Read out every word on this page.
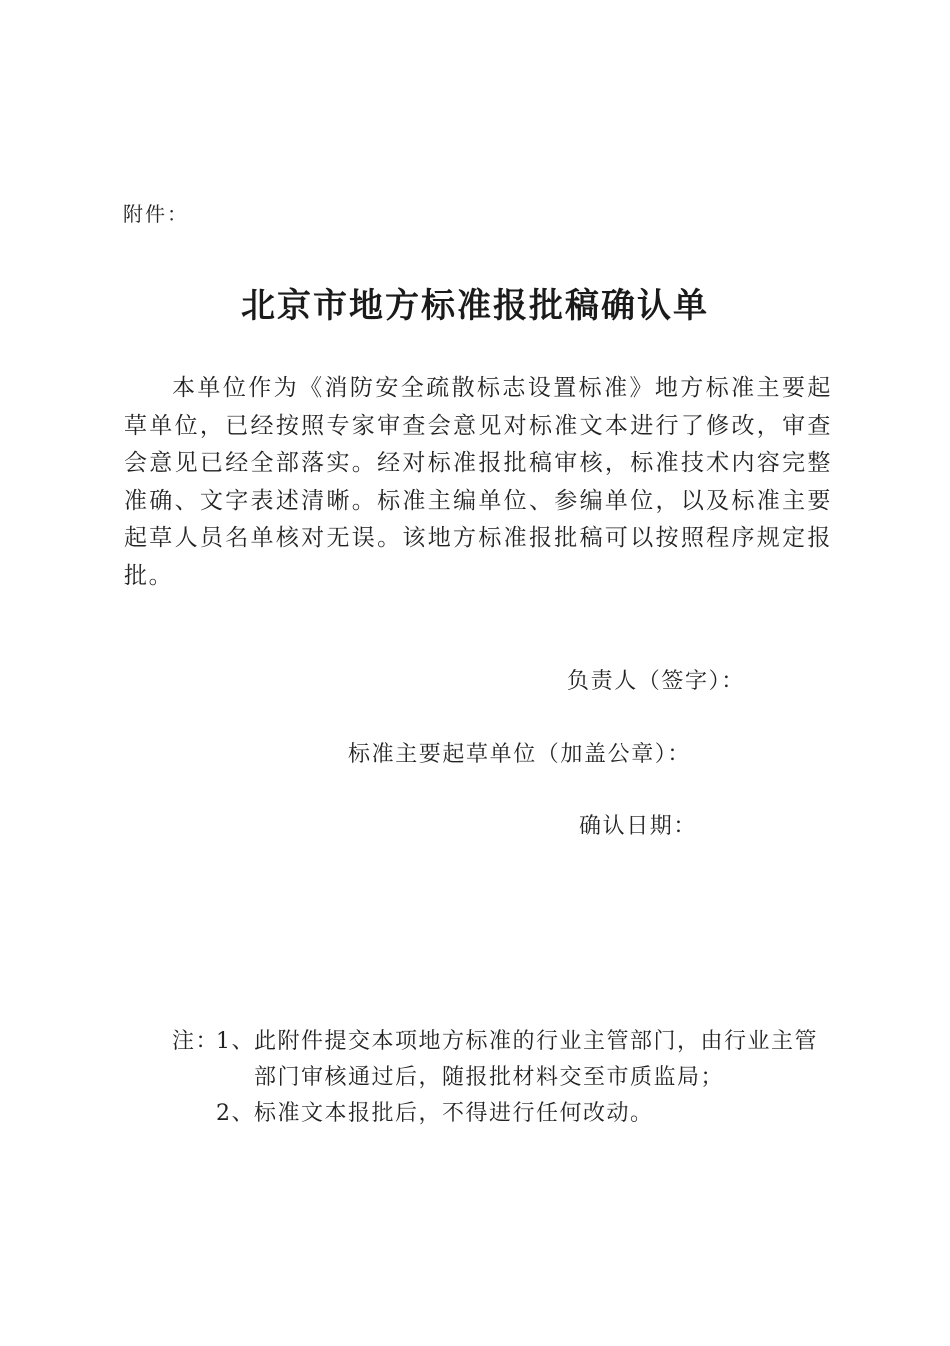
附件：
北京市地方标准报批稿确认单
本单位作为《消防安全疏散标志设置标准》地方标准主要起草单位，已经按照专家审查会意见对标准文本进行了修改，审查会意见已经全部落实。经对标准报批稿审核，标准技术内容完整准确、文字表述清晰。标准主编单位、参编单位，以及标准主要起草人员名单核对无误。该地方标准报批稿可以按照程序规定报批。
负责人（签字）：
标准主要起草单位（加盖公章）：
确认日期：
注：
1、 此附件提交本项地方标准的行业主管部门，由行业主管
部门审核通过后，随报批材料交至市质监局；
2、 标准文本报批后，不得进行任何改动。
